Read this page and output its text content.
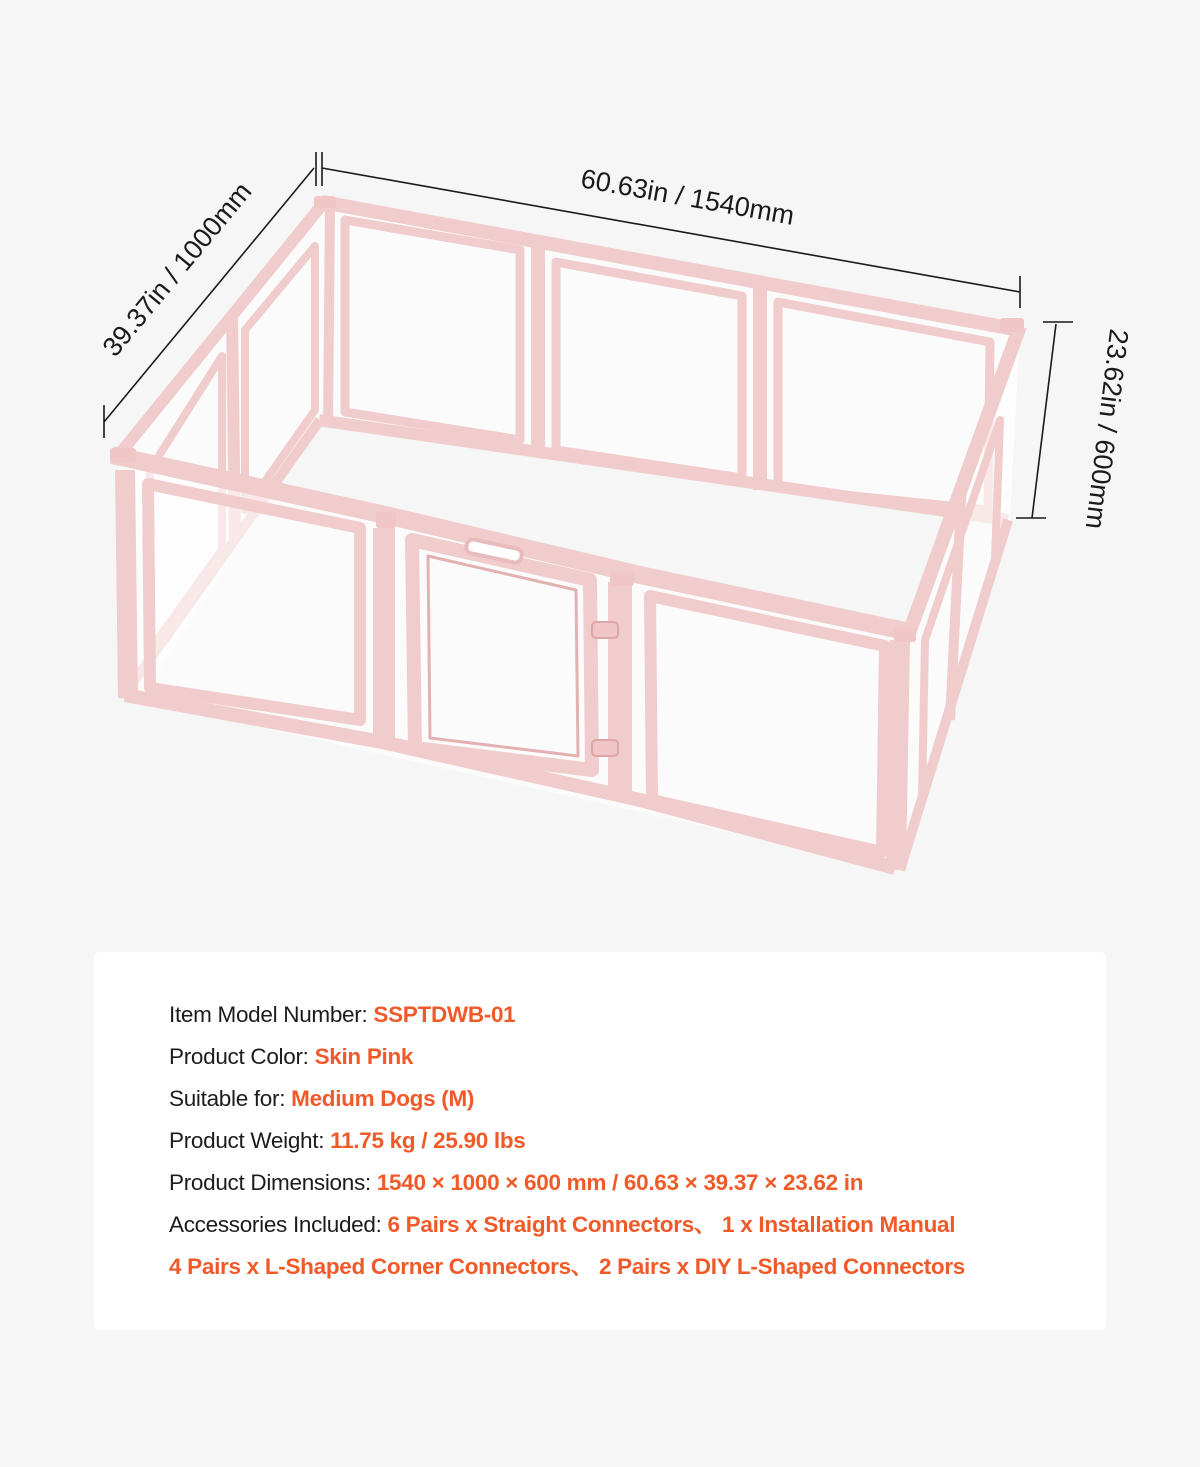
60.63in / 1540mm
39.37in / 1000mm
23.62in / 600mm
Item Model Number: SSPTDWB-01
Product Color: Skin Pink
Suitable for: Medium Dogs (M)
Product Weight: 11.75 kg / 25.90 lbs
Product Dimensions: 1540 × 1000 × 600 mm / 60.63 × 39.37 × 23.62 in
Accessories Included: 6 Pairs x Straight Connectors、 1 x Installation Manual
4 Pairs x L-Shaped Corner Connectors、 2 Pairs x DIY L-Shaped Connectors
